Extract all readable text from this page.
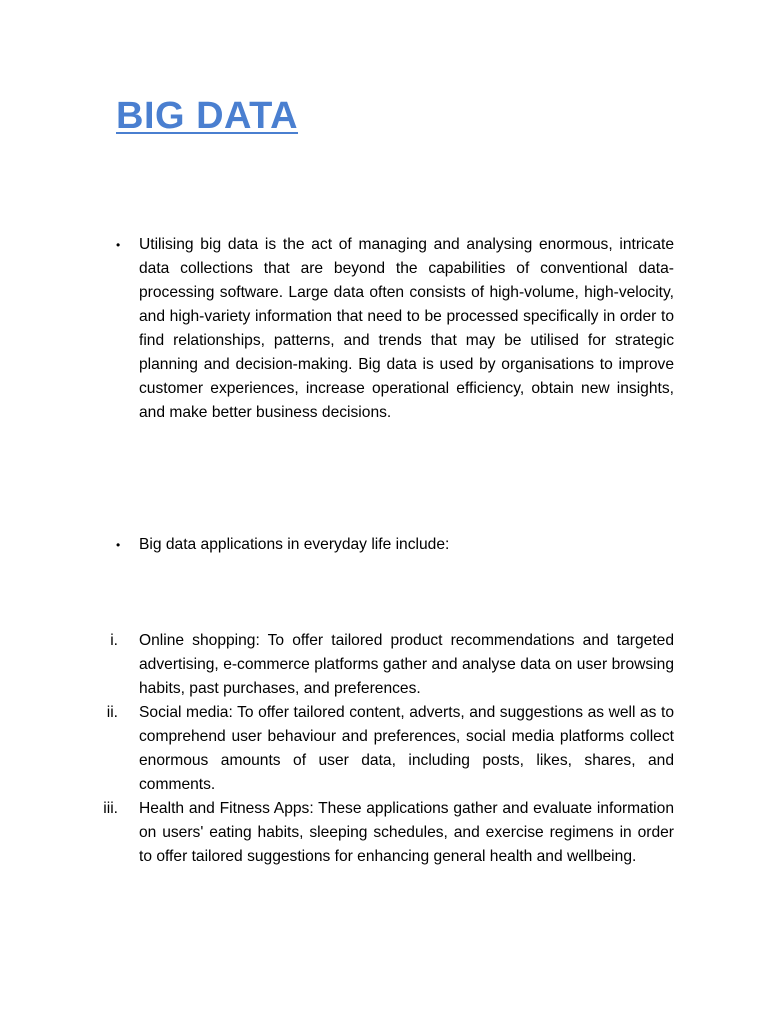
BIG DATA
• Utilising big data is the act of managing and analysing enormous, intricate data collections that are beyond the capabilities of conventional data-processing software. Large data often consists of high-volume, high-velocity, and high-variety information that need to be processed specifically in order to find relationships, patterns, and trends that may be utilised for strategic planning and decision-making. Big data is used by organisations to improve customer experiences, increase operational efficiency, obtain new insights, and make better business decisions.

• Big data applications in everyday life include:

i. Online shopping: To offer tailored product recommendations and targeted advertising, e-commerce platforms gather and analyse data on user browsing habits, past purchases, and preferences.

ii. Social media: To offer tailored content, adverts, and suggestions as well as to comprehend user behaviour and preferences, social media platforms collect enormous amounts of user data, including posts, likes, shares, and comments.

iii. Health and Fitness Apps: These applications gather and evaluate information on users' eating habits, sleeping schedules, and exercise regimens in order to offer tailored suggestions for enhancing general health and wellbeing.
